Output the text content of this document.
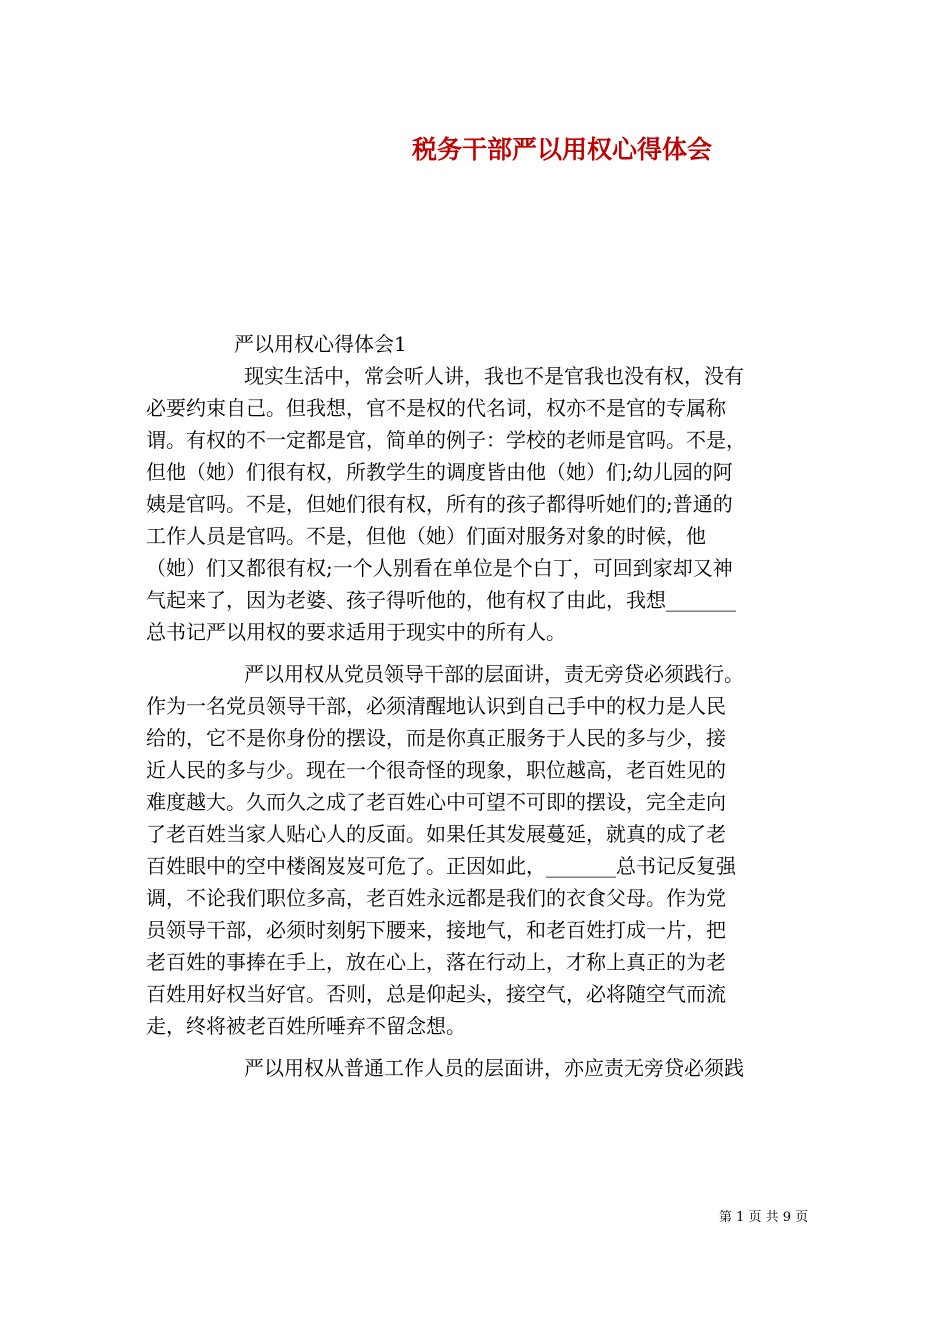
税务干部严以用权心得体会
严以用权心得体会1
现实生活中，常会听人讲，我也不是官我也没有权，没有
必要约束自己。但我想，官不是权的代名词，权亦不是官的专属称
谓。有权的不一定都是官，简单的例子：学校的老师是官吗。不是，
但他（她）们很有权，所教学生的调度皆由他（她）们;幼儿园的阿
姨是官吗。不是，但她们很有权，所有的孩子都得听她们的;普通的
工作人员是官吗。不是，但他（她）们面对服务对象的时候，他
（她）们又都很有权;一个人别看在单位是个白丁，可回到家却又神
气起来了，因为老婆、孩子得听他的，他有权了由此，我想_______
总书记严以用权的要求适用于现实中的所有人。
严以用权从党员领导干部的层面讲，责无旁贷必须践行。
作为一名党员领导干部，必须清醒地认识到自己手中的权力是人民
给的，它不是你身份的摆设，而是你真正服务于人民的多与少，接
近人民的多与少。现在一个很奇怪的现象，职位越高，老百姓见的
难度越大。久而久之成了老百姓心中可望不可即的摆设，完全走向
了老百姓当家人贴心人的反面。如果任其发展蔓延，就真的成了老
百姓眼中的空中楼阁岌岌可危了。正因如此，_______总书记反复强
调，不论我们职位多高，老百姓永远都是我们的衣食父母。作为党
员领导干部，必须时刻躬下腰来，接地气，和老百姓打成一片，把
老百姓的事捧在手上，放在心上，落在行动上，才称上真正的为老
百姓用好权当好官。否则，总是仰起头，接空气，必将随空气而流
走，终将被老百姓所唾弃不留念想。
严以用权从普通工作人员的层面讲，亦应责无旁贷必须践
第 1 页 共 9 页
